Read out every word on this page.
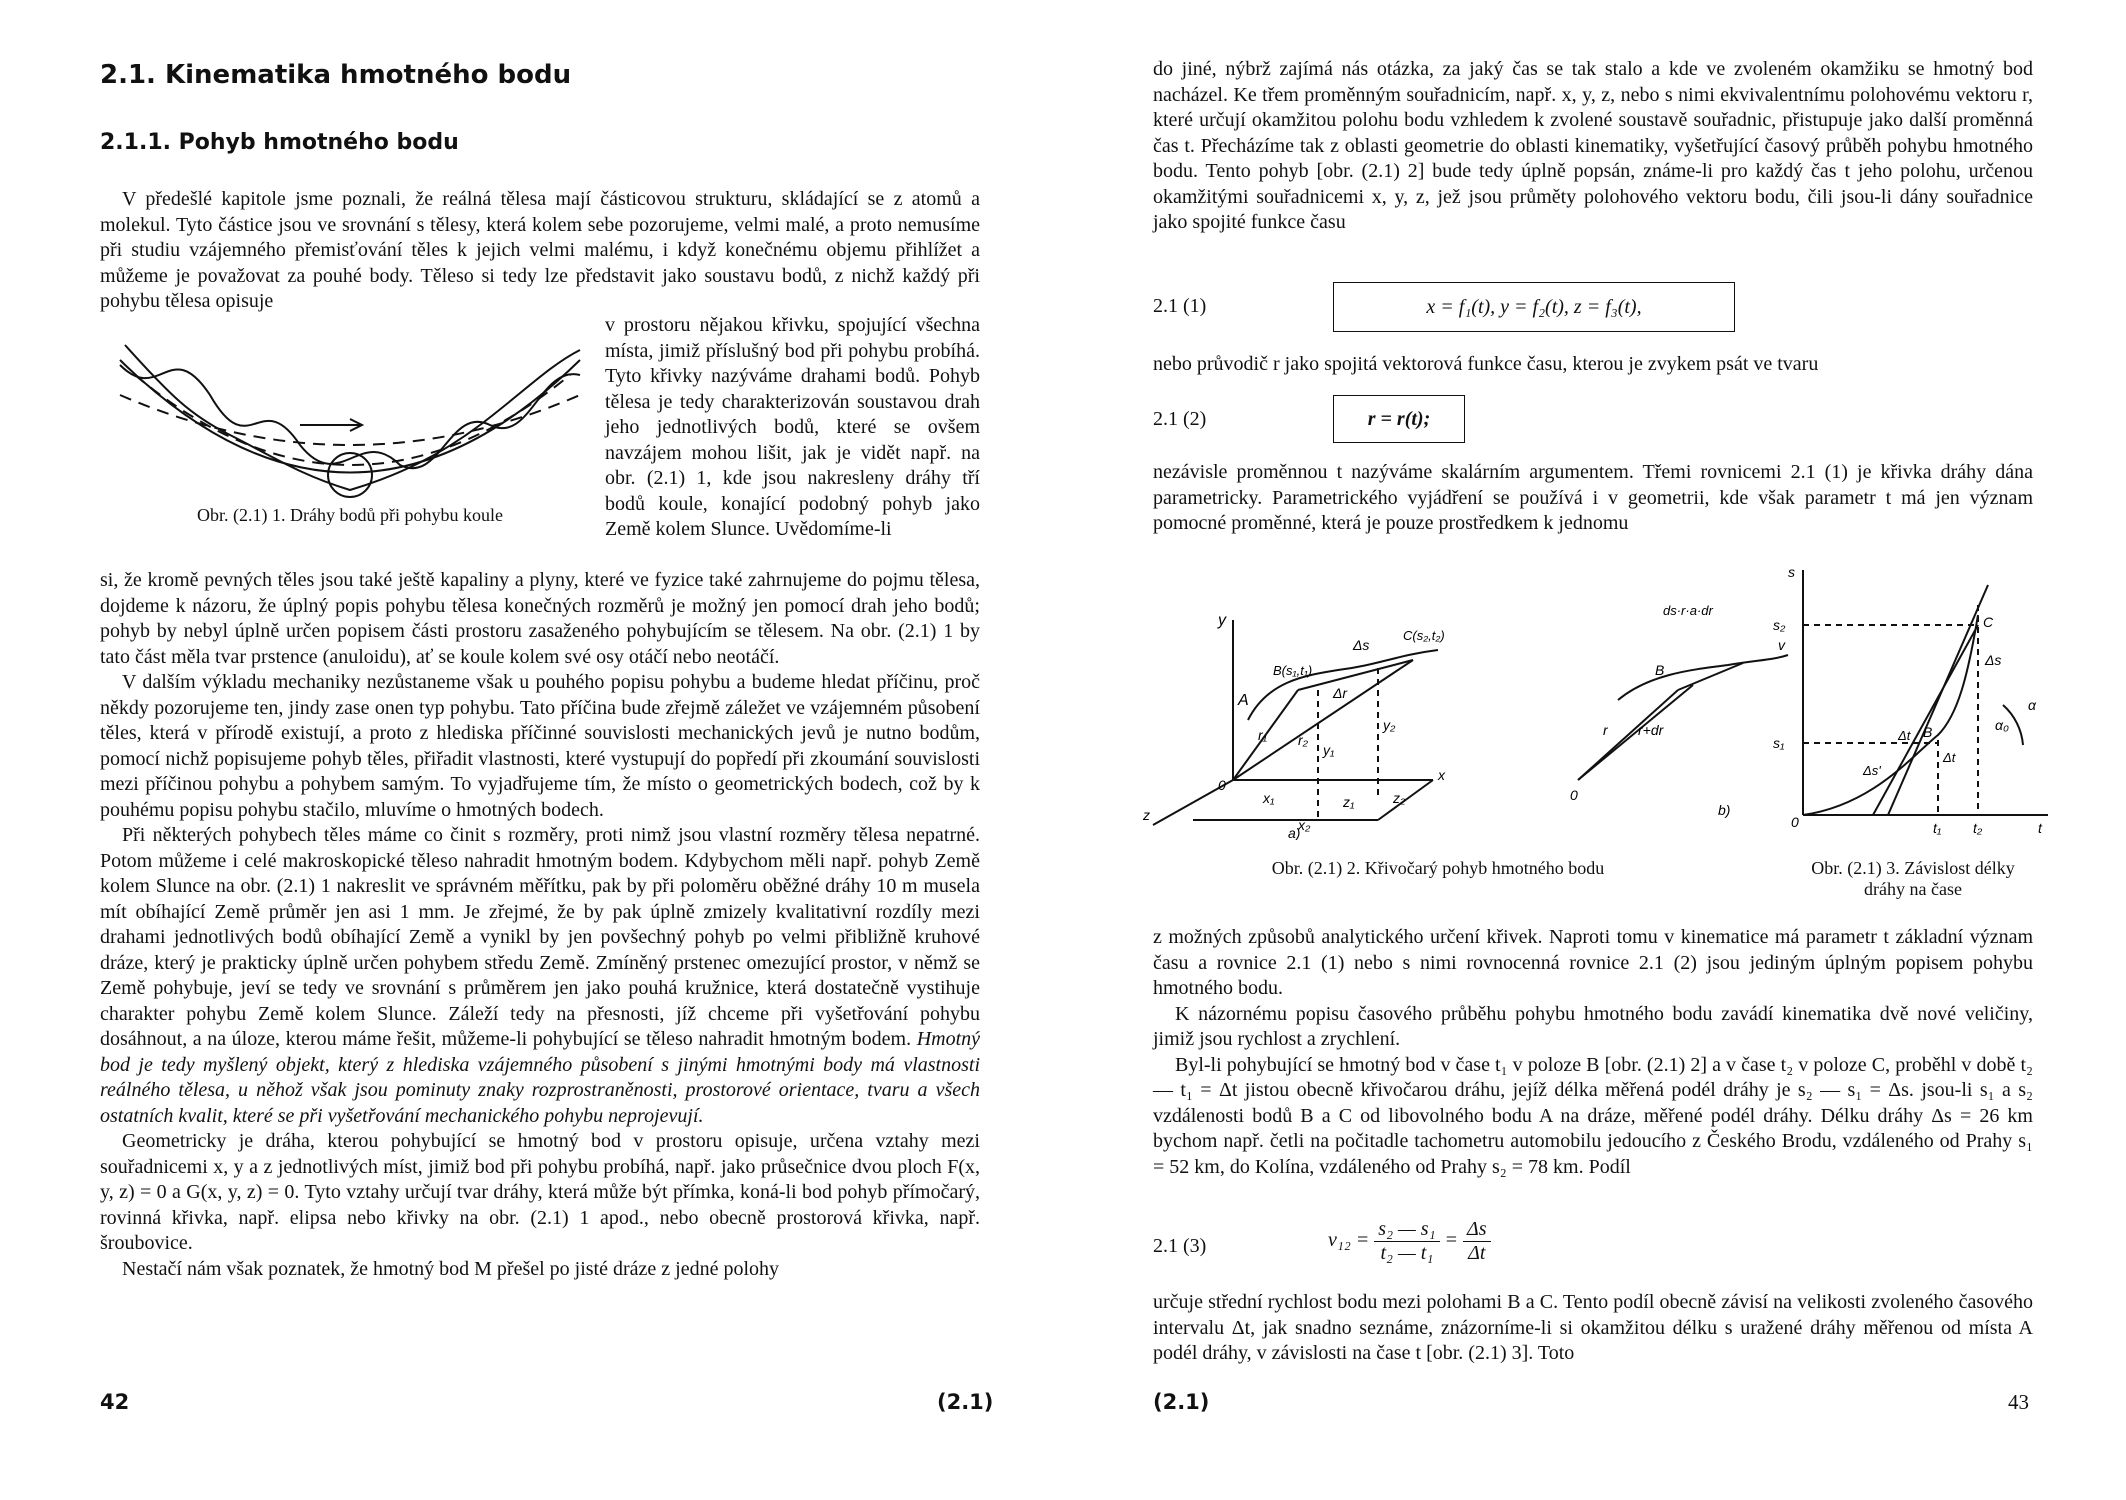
2.1. Kinematika hmotného bodu
2.1.1. Pohyb hmotného bodu

V předešlé kapitole jsme poznali, že reálná tělesa mají částicovou strukturu, skládající se z atomů a molekul. Tyto částice jsou ve srovnání s tělesy, která kolem sebe pozorujeme, velmi malé, a proto nemusíme při studiu vzájemného přemisťování těles k jejich velmi malému, i když konečnému objemu přihlížet a můžeme je považovat za pouhé body. Těleso si tedy lze představit jako soustavu bodů, z nichž každý při pohybu tělesa opisuje

Obr. (2.1) 1. Dráhy bodů při pohybu koule

v prostoru nějakou křivku, spojující všechna místa, jimiž příslušný bod při pohybu probíhá. Tyto křivky nazýváme drahami bodů. Pohyb tělesa je tedy charakterizován soustavou drah jeho jednotlivých bodů, které se ovšem navzájem mohou lišit, jak je vidět např. na obr. (2.1) 1, kde jsou nakresleny dráhy tří bodů koule, konající podobný pohyb jako Země kolem Slunce. Uvědomíme-li

si, že kromě pevných těles jsou také ještě kapaliny a plyny, které ve fyzice také zahrnujeme do pojmu tělesa, dojdeme k názoru, že úplný popis pohybu tělesa konečných rozměrů je možný jen pomocí drah jeho bodů; pohyb by nebyl úplně určen popisem části prostoru zasaženého pohybujícím se tělesem. Na obr. (2.1) 1 by tato část měla tvar prstence (anuloidu), ať se koule kolem své osy otáčí nebo neotáčí.

V dalším výkladu mechaniky nezůstaneme však u pouhého popisu pohybu a budeme hledat příčinu, proč někdy pozorujeme ten, jindy zase onen typ pohybu. Tato příčina bude zřejmě záležet ve vzájemném působení těles, která v přírodě existují, a proto z hlediska příčinné souvislosti mechanických jevů je nutno bodům, pomocí nichž popisujeme pohyb těles, přiřadit vlastnosti, které vystupují do popředí při zkoumání souvislosti mezi příčinou pohybu a pohybem samým. To vyjadřujeme tím, že místo o geometrických bodech, což by k pouhému popisu pohybu stačilo, mluvíme o hmotných bodech.

Při některých pohybech těles máme co činit s rozměry, proti nimž jsou vlastní rozměry tělesa nepatrné. Potom můžeme i celé makroskopické těleso nahradit hmotným bodem. Kdybychom měli např. pohyb Země kolem Slunce na obr. (2.1) 1 nakreslit ve správném měřítku, pak by při poloměru oběžné dráhy 10 m musela mít obíhající Země průměr jen asi 1 mm. Je zřejmé, že by pak úplně zmizely kvalitativní rozdíly mezi drahami jednotlivých bodů obíhající Země a vynikl by jen povšechný pohyb po velmi přibližně kruhové dráze, který je prakticky úplně určen pohybem středu Země. Zmíněný prstenec omezující prostor, v němž se Země pohybuje, jeví se tedy ve srovnání s průměrem jen jako pouhá kružnice, která dostatečně vystihuje charakter pohybu Země kolem Slunce. Záleží tedy na přesnosti, jíž chceme při vyšetřování pohybu dosáhnout, a na úloze, kterou máme řešit, můžeme-li pohybující se těleso nahradit hmotným bodem. Hmotný bod je tedy myšlený objekt, který z hlediska vzájemného působení s jinými hmotnými body má vlastnosti reálného tělesa, u něhož však jsou pominuty znaky rozprostraněnosti, prostorové orientace, tvaru a všech ostatních kvalit, které se při vyšetřování mechanického pohybu neprojevují.

Geometricky je dráha, kterou pohybující se hmotný bod v prostoru opisuje, určena vztahy mezi souřadnicemi x, y a z jednotlivých míst, jimiž bod při pohybu probíhá, např. jako průsečnice dvou ploch F(x, y, z) = 0 a G(x, y, z) = 0. Tyto vztahy určují tvar dráhy, která může být přímka, koná-li bod pohyb přímočarý, rovinná křivka, např. elipsa nebo křivky na obr. (2.1) 1 apod., nebo obecně prostorová křivka, např. šroubovice.

Nestačí nám však poznatek, že hmotný bod M přešel po jisté dráze z jedné polohy

42	(2.1)

do jiné, nýbrž zajímá nás otázka, za jaký čas se tak stalo a kde ve zvoleném okamžiku se hmotný bod nacházel. Ke třem proměnným souřadnicím, např. x, y, z, nebo s nimi ekvivalentnímu polohovému vektoru r, které určují okamžitou polohu bodu vzhledem k zvolené soustavě souřadnic, přistupuje jako další proměnná čas t. Přecházíme tak z oblasti geometrie do oblasti kinematiky, vyšetřující časový průběh pohybu hmotného bodu. Tento pohyb [obr. (2.1) 2] bude tedy úplně popsán, známe-li pro každý čas t jeho polohu, určenou okamžitými souřadnicemi x, y, z, jež jsou průměty polohového vektoru bodu, čili jsou-li dány souřadnice jako spojité funkce času

2.1 (1)	x = f₁(t), y = f₂(t), z = f₃(t),

nebo průvodič r jako spojitá vektorová funkce času, kterou je zvykem psát ve tvaru

2.1 (2)	r = r(t);

nezávisle proměnnou t nazýváme skalárním argumentem. Třemi rovnicemi 2.1 (1) je křivka dráhy dána parametricky. Parametrického vyjádření se používá i v geometrii, kde však parametr t má jen význam pomocné proměnné, která je pouze prostředkem k jednomu

y
A
B(s₁,t₁)
C(s₂,t₂)
Δs
Δr
r₁ r₂
y₁
y₂
0
x
x₁
x₂
z₁	z₂
z
a)
B
ds·r·a·dr
v
r r+dr
0
b)
s
s₂
s₁
C
B
Δs
α
α₀
Δt
Δt
Δs'
0	t₁ t₂	t
Obr. (2.1) 2. Křivočarý pohyb hmotného bodu	Obr. (2.1) 3. Závislost délky
dráhy na čase

z možných způsobů analytického určení křivek. Naproti tomu v kinematice má parametr t základní význam času a rovnice 2.1 (1) nebo s nimi rovnocenná rovnice 2.1 (2) jsou jediným úplným popisem pohybu hmotného bodu.

K názornému popisu časového průběhu pohybu hmotného bodu zavádí kinematika dvě nové veličiny, jimiž jsou rychlost a zrychlení.

Byl-li pohybující se hmotný bod v čase t₁ v poloze B [obr. (2.1) 2] a v čase t₂ v poloze C, proběhl v době t₂ — t₁ = Δt jistou obecně křivočarou dráhu, jejíž délka měřená podél dráhy je s₂ — s₁ = Δs. jsou-li s₁ a s₂ vzdálenosti bodů B a C od libovolného bodu A na dráze, měřené podél dráhy. Délku dráhy Δs = 26 km bychom např. četli na počitadle tachometru automobilu jedoucího z Českého Brodu, vzdáleného od Prahy s₁ = 52 km, do Kolína, vzdáleného od Prahy s₂ = 78 km. Podíl

2.1 (3)	$v_{12} = \frac{\text{s₂ — s₁}}{\text{t₂ — t₁}} = \frac{\Delta s}{\Delta t}$

určuje střední rychlost bodu mezi polohami B a C. Tento podíl obecně závisí na velikosti zvoleného časového intervalu Δt, jak snadno seznáme, znázorníme-li si okamžitou délku s uražené dráhy měřenou od místa A podél dráhy, v závislosti na čase t [obr. (2.1) 3]. Toto

(2.1)	43
